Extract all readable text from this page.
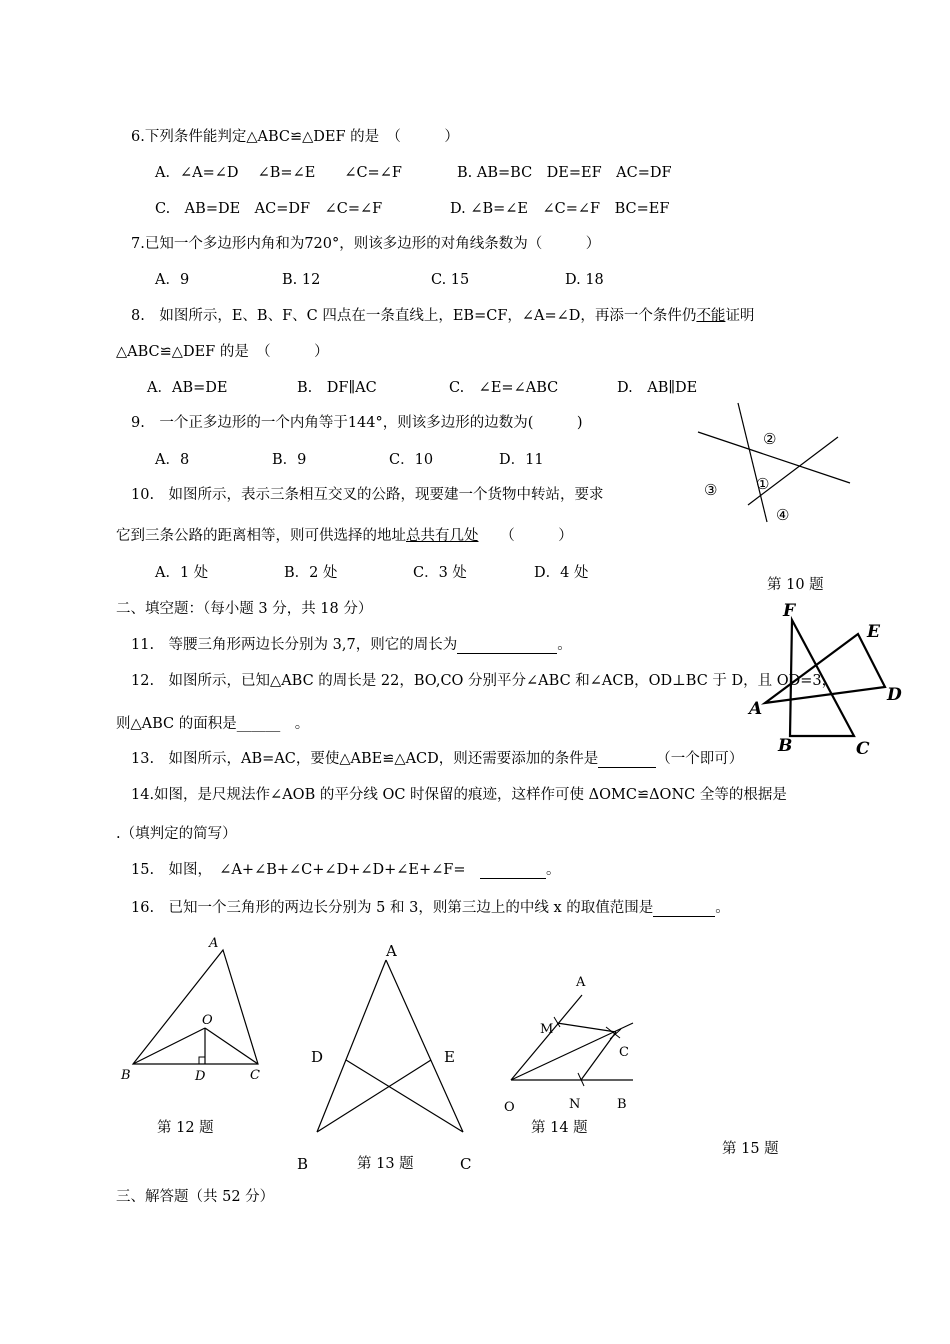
6.下列条件能判定△ABC≌△DEF 的是　（　　　）
A．∠A=∠D　 ∠B=∠E　　∠C=∠F	B. AB=BC　DE=EF　AC=DF
C.　AB=DE　AC=DF　∠C=∠F	D. ∠B=∠E　∠C=∠F　BC=EF
7.已知一个多边形内角和为720°，则该多边形的对角线条数为（　　　）
A．9	B. 12	C. 15	D. 18
8.　如图所示，E、B、F、C 四点在一条直线上，EB=CF，∠A=∠D，再添一个条件仍不能证明
△ABC≌△DEF 的是　（　　　）
A．AB=DE	B.　DF∥AC	C.　∠E=∠ABC	D.　AB∥DE
9.　一个正多边形的一个内角等于144°，则该多边形的边数为(　　　)
A．8	B．9	C．10	D．11
10.　如图所示，表示三条相互交叉的公路，现要建一个货物中转站，要求
它到三条公路的距离相等，则可供选择的地址总共有几处　　（　　　）
A．1 处	B．2 处	C．3 处	D．4 处
二、填空题：（每小题 3 分，共 18 分）
11.　等腰三角形两边长分别为 3,7，则它的周长为	。
12.　如图所示，已知△ABC 的周长是 22，BO,CO 分别平分∠ABC 和∠ACB，OD⊥BC 于 D，且 OD=3，
则△ABC 的面积是______　。
13.　如图所示，AB=AC，要使△ABE≌△ACD，则还需要添加的条件是	（一个即可）
14.如图，是尺规法作∠AOB 的平分线 OC 时保留的痕迹，这样作可使 ΔOMC≌ΔONC 全等的根据是
.（填判定的简写）
15.　如图，　∠A+∠B+∠C+∠D+∠D+∠E+∠F=　	。
16.　已知一个三角形的两边长分别为 5 和 3，则第三边上的中线 x 的取值范围是	。
②
①
③
④
第 10 题
F
E
D
A
B	C
第 15 题
A
O
B	D	C
第 12 题
A
D	E
B	C
第 13 题
A
M
C
O	N	B
第 14 题
三、解答题（共 52 分）
